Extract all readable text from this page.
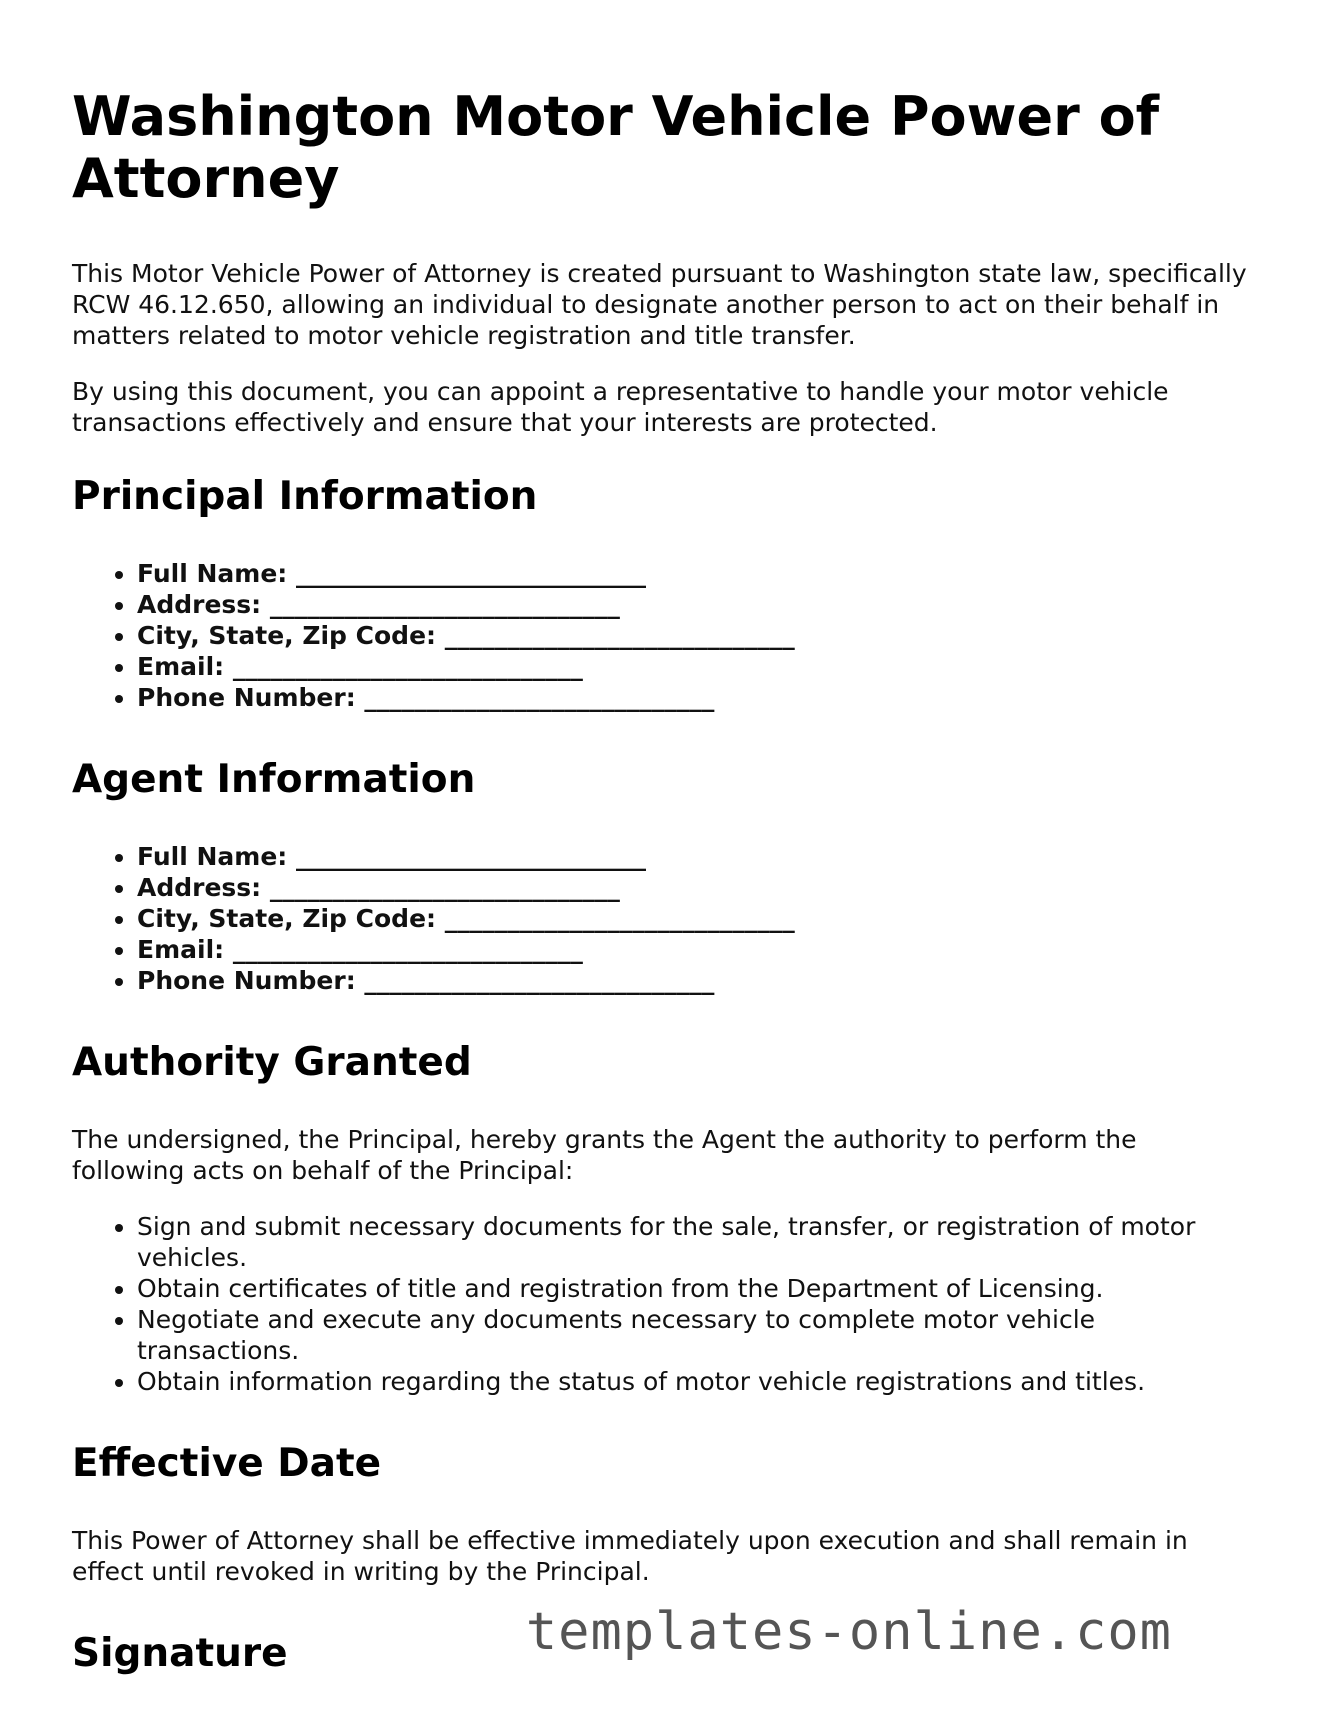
Washington Motor Vehicle Power of Attorney

This Motor Vehicle Power of Attorney is created pursuant to Washington state law, specifically RCW 46.12.650, allowing an individual to designate another person to act on their behalf in matters related to motor vehicle registration and title transfer.

By using this document, you can appoint a representative to handle your motor vehicle transactions effectively and ensure that your interests are protected.

Principal Information
• Full Name: ____________________________
• Address: ____________________________
• City, State, Zip Code: ____________________________
• Email: ____________________________
• Phone Number: ____________________________
Agent Information
• Full Name: ____________________________
• Address: ____________________________
• City, State, Zip Code: ____________________________
• Email: ____________________________
• Phone Number: ____________________________
Authority Granted

The undersigned, the Principal, hereby grants the Agent the authority to perform the following acts on behalf of the Principal:

• Sign and submit necessary documents for the sale, transfer, or registration of motor vehicles.
• Obtain certificates of title and registration from the Department of Licensing.
• Negotiate and execute any documents necessary to complete motor vehicle transactions.
• Obtain information regarding the status of motor vehicle registrations and titles.
Effective Date

This Power of Attorney shall be effective immediately upon execution and shall remain in effect until revoked in writing by the Principal.

Signature	templates-online.com
